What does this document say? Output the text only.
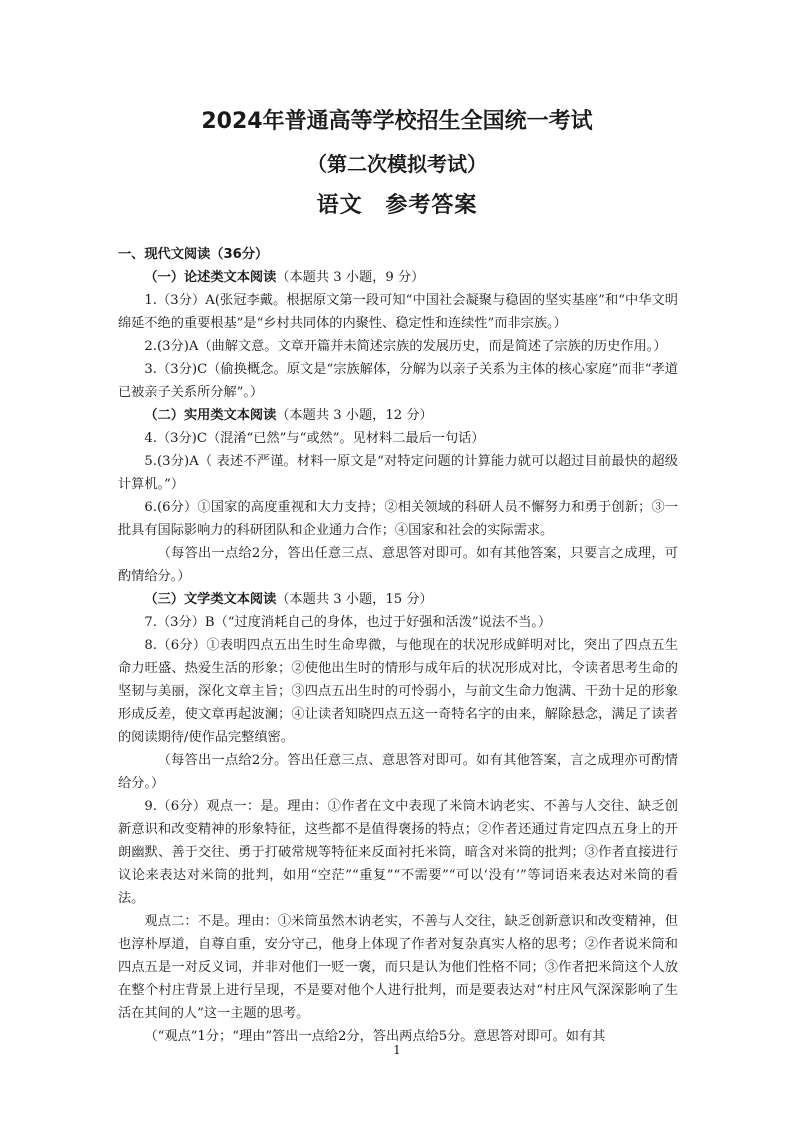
2024年普通高等学校招生全国统一考试
（第二次模拟考试）
语文 参考答案

一、现代文阅读（36分）

（一）论述类文本阅读（本题共 3 小题，9 分）

1.（3分）A(张冠李戴。根据原文第一段可知“中国社会凝聚与稳固的坚实基座”和“中华文明绵延不绝的重要根基”是“乡村共同体的内聚性、稳定性和连续性”而非宗族。）

2.(3分)A（曲解文意。文章开篇并未简述宗族的发展历史，而是简述了宗族的历史作用。）

3.（3分)C（偷换概念。原文是“宗族解体，分解为以亲子关系为主体的核心家庭”而非“孝道已被亲子关系所分解”。）

（二）实用类文本阅读（本题共 3 小题，12 分）

4.（3分)C（混淆“已然”与“或然”。见材料二最后一句话）

5.(3分)A（ 表述不严谨。材料一原文是“对特定问题的计算能力就可以超过目前最快的超级计算机。”）

6.(6分）①国家的高度重视和大力支持；②相关领域的科研人员不懈努力和勇于创新；③一批具有国际影响力的科研团队和企业通力合作；④国家和社会的实际需求。

（每答出一点给2分，答出任意三点、意思答对即可。如有其他答案，只要言之成理，可酌情给分。）

（三）文学类文本阅读（本题共 3 小题，15 分）

7.（3分）B（“过度消耗自己的身体，也过于好强和活泼”说法不当。）

8.（6分）①表明四点五出生时生命卑微，与他现在的状况形成鲜明对比，突出了四点五生命力旺盛、热爱生活的形象；②使他出生时的情形与成年后的状况形成对比，令读者思考生命的坚韧与美丽，深化文章主旨；③四点五出生时的可怜弱小，与前文生命力饱满、干劲十足的形象形成反差，使文章再起波澜；④让读者知晓四点五这一奇特名字的由来，解除悬念，满足了读者的阅读期待/使作品完整缜密。

（每答出一点给2分。答出任意三点、意思答对即可。如有其他答案，言之成理亦可酌情给分。）

9.（6分）观点一：是。理由：①作者在文中表现了米筒木讷老实、不善与人交往、缺乏创新意识和改变精神的形象特征，这些都不是值得褒扬的特点；②作者还通过肯定四点五身上的开朗幽默、善于交往、勇于打破常规等特征来反面衬托米筒，暗含对米筒的批判；③作者直接进行议论来表达对米筒的批判，如用“空茫”“重复”“不需要”“可以‘没有’”等词语来表达对米筒的看法。

观点二：不是。理由：①米筒虽然木讷老实，不善与人交往，缺乏创新意识和改变精神，但也淳朴厚道，自尊自重，安分守己，他身上体现了作者对复杂真实人格的思考；②作者说米筒和四点五是一对反义词，并非对他们一贬一褒，而只是认为他们性格不同；③作者把米筒这个人放在整个村庄背景上进行呈现，不是要对他个人进行批判，而是要表达对“村庄风气深深影响了生活在其间的人”这一主题的思考。

（“观点”1分；“理由”答出一点给2分，答出两点给5分。意思答对即可。如有其

1
